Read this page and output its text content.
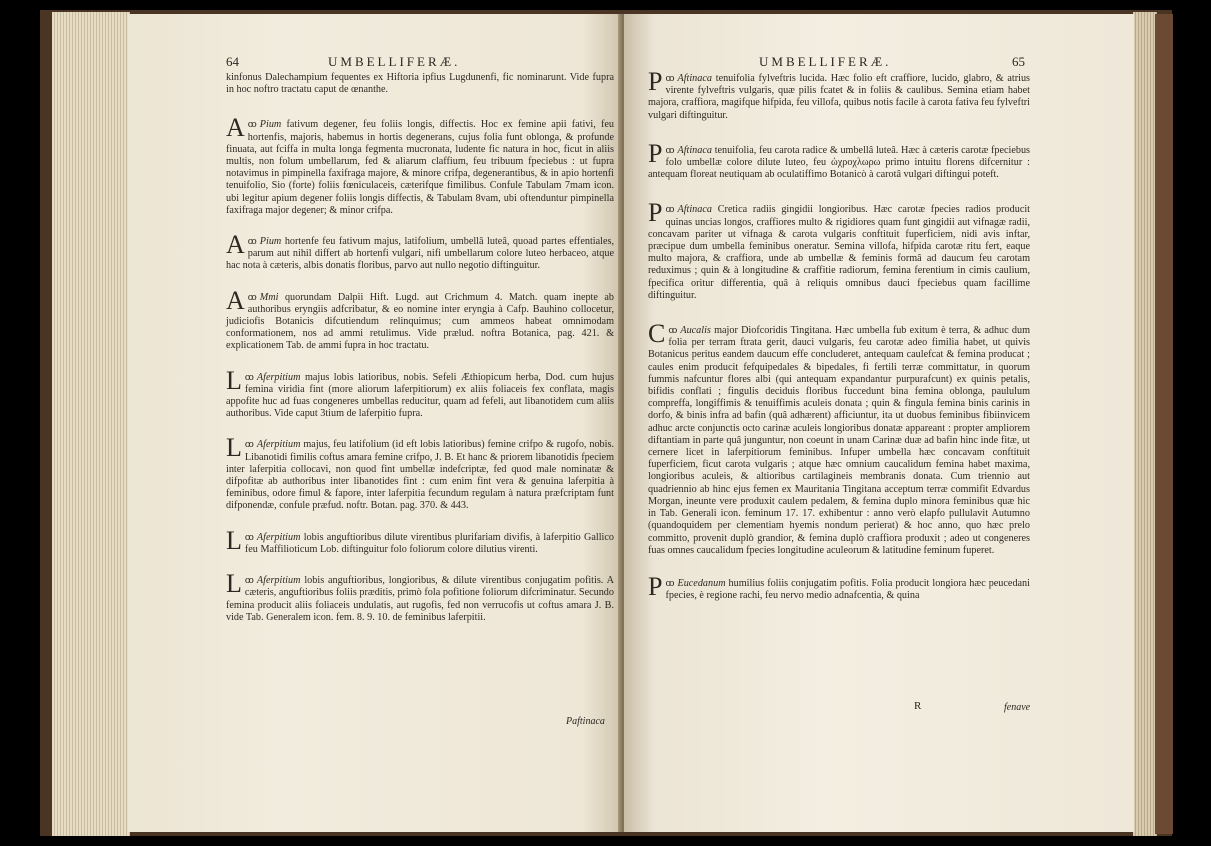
64	UMBELLIFERÆ.

kinfonus Dalechampium fequentes ex Hiftoria ipfius Lugdunenfi, fic nominarunt. Vide fupra in hoc noftro tractatu caput de œnanthe.

ꝏ
A Pium fativum degener, feu foliis longis, diffectis. Hoc ex femine apii fativi, feu hortenfis, majoris, habemus in hortis degenerans, cujus folia funt oblonga, & profunde finuata, aut fciffa in multa longa fegmenta mucronata, ludente fic natura in hoc, ficut in aliis multis, non folum umbellarum, fed & aliarum claffium, feu tribuum fpeciebus : ut fupra notavimus in pimpinella faxifraga majore, & minore crifpa, degenerantibus, & in apio hortenfi tenuifolio, Sio (forte) foliis fœniculaceis, cæterifque fimilibus. Confule Tabulam 7mam icon. ubi legitur apium degener foliis longis diffectis, & Tabulam 8vam, ubi oftenduntur pimpinella faxifraga major degener; & minor crifpa.

ꝏ
A Pium hortenfe feu fativum majus, latifolium, umbellâ luteâ, quoad partes effentiales, parum aut nihil differt ab hortenfi vulgari, nifi umbellarum colore luteo herbaceo, atque hac nota à cæteris, albis donatis floribus, parvo aut nullo negotio diftinguitur.

ꝏ
A Mmi quorundam Dalpii Hift. Lugd. aut Crichmum 4. Match. quam inepte ab authoribus eryngiis adfcribatur, & eo nomine inter eryngia à Cafp. Bauhino collocetur, judiciofis Botanicis difcutiendum relinquimus; cum ammeos habeat omnimodam conformationem, nos ad ammi retulimus. Vide prælud. noftra Botanica, pag. 421. & explicationem Tab. de ammi fupra in hoc tractatu.

ꝏ
L Aferpitium majus lobis latioribus, nobis. Sefeli Æthiopicum herba, Dod. cum hujus femina viridia fint (more aliorum laferpitiorum) ex aliis foliaceis fex conflata, magis appofite huc ad fuas congeneres umbellas reducitur, quam ad fefeli, aut libanotidem cum aliis authoribus. Vide caput 3tium de laferpitio fupra.

ꝏ
L Aferpitium majus, feu latifolium (id eft lobis latioribus) femine crifpo & rugofo, nobis. Libanotidi fimilis coftus amara femine crifpo, J. B. Et hanc & priorem libanotidis fpeciem inter laferpitia collocavi, non quod fint umbellæ indefcriptæ, fed quod male nominatæ & difpofitæ ab authoribus inter libanotides fint : cum enim fint vera & genuina laferpitia à feminibus, odore fimul & fapore, inter laferpitia fecundum regulam à natura præfcriptam funt difponendæ, confule præfud. noftr. Botan. pag. 370. & 443.

ꝏ
L Aferpitium lobis anguftioribus dilute virentibus plurifariam divifis, à laferpitio Gallico feu Maffilioticum Lob. diftinguitur folo foliorum colore dilutius virenti.

ꝏ
L Aferpitium lobis anguftioribus, longioribus, & dilute virentibus conjugatim pofitis. A cæteris, anguftioribus foliis præditis, primò fola pofitione foliorum difcriminatur. Secundo femina producit aliis foliaceis undulatis, aut rugofis, fed non verrucofis ut coftus amara J. B. vide Tab. Generalem icon. fem. 8. 9. 10. de feminibus laferpitii.

Paftinaca
UMBELLIFERÆ.	65

ꝏ
P Aftinaca tenuifolia fylveftris lucida. Hæc folio eft craffiore, lucido, glabro, & atrius virente fylveftris vulgaris, quæ pilis fcatet & in foliis & caulibus. Semina etiam habet majora, craffiora, magifque hifpida, feu villofa, quibus notis facile à carota fativa feu fylveftri vulgari diftinguitur.

ꝏ
P Aftinaca tenuifolia, feu carota radice & umbellâ luteâ. Hæc à cæteris carotæ fpeciebus folo umbellæ colore dilute luteo, feu ὠχροχλωρω primo intuitu florens difcernitur : antequam floreat neutiquam ab oculatiffimo Botanicò à carotâ vulgari diftingui poteft.

ꝏ
P Aftinaca Cretica radiis gingidii longioribus. Hæc carotæ fpecies radios producit quinas uncias longos, craffiores multo & rigidiores quam funt gingidii aut vifnagæ radii, concavam pariter ut vifnaga & carota vulgaris conftituit fuperficiem, nidi avis inftar, præcipue dum umbella feminibus oneratur. Semina villofa, hifpida carotæ ritu fert, eaque multo majora, & craffiora, unde ab umbellæ & feminis formâ ad daucum feu carotam reduximus ; quin & à longitudine & craffitie radiorum, femina ferentium in cimis caulium, fpecifica oritur differentia, quâ à reliquis omnibus dauci fpeciebus quam facillime diftinguitur.

ꝏ
C Aucalis major Diofcoridis Tingitana. Hæc umbella fub exitum è terra, & adhuc dum folia per terram ftrata gerit, dauci vulgaris, feu carotæ adeo fimilia habet, ut quivis Botanicus peritus eandem daucum effe concluderet, antequam caulefcat & femina producat ; caules enim producit fefquipedales & bipedales, fi fertili terræ committatur, in quorum fummis nafcuntur flores albi (qui antequam expandantur purpurafcunt) ex quinis petalis, bifidis conflati ; fingulis deciduis floribus fuccedunt bina femina oblonga, paululum compreffa, longiffimis & tenuiffimis aculeis donata ; quin & fingula femina binis carinis in dorfo, & binis infra ad bafin (quâ adhærent) afficiuntur, ita ut duobus feminibus fibiinvicem adhuc arcte conjunctis octo carinæ aculeis longioribus donatæ appareant : propter ampliorem diftantiam in parte quâ junguntur, non coeunt in unam Carinæ duæ ad bafin hinc inde fitæ, ut cernere licet in laferpitiorum feminibus. Infuper umbella hæc concavam conftituit fuperficiem, ficut carota vulgaris ; atque hæc omnium caucalidum femina habet maxima, longioribus aculeis, & altioribus cartilagineis membranis donata. Cum triennio aut quadriennio ab hinc ejus femen ex Mauritania Tingitana acceptum terræ commifit Edvardus Morgan, ineunte vere produxit caulem pedalem, & femina duplo minora feminibus quæ hic in Tab. Generali icon. feminum 17. 17. exhibentur : anno verò elapfo pullulavit Autumno (quandoquidem per clementiam hyemis nondum perierat) & hoc anno, quo hæc prelo committo, provenit duplò grandior, & femina duplò craffiora produxit ; adeo ut congeneres fuas omnes caucalidum fpecies longitudine aculeorum & latitudine feminum fuperet.

ꝏ
P Eucedanum humilius foliis conjugatim pofitis. Folia producit longiora hæc peucedani fpecies, è regione rachi, feu nervo medio adnafcentia, & quina

R	fenave
